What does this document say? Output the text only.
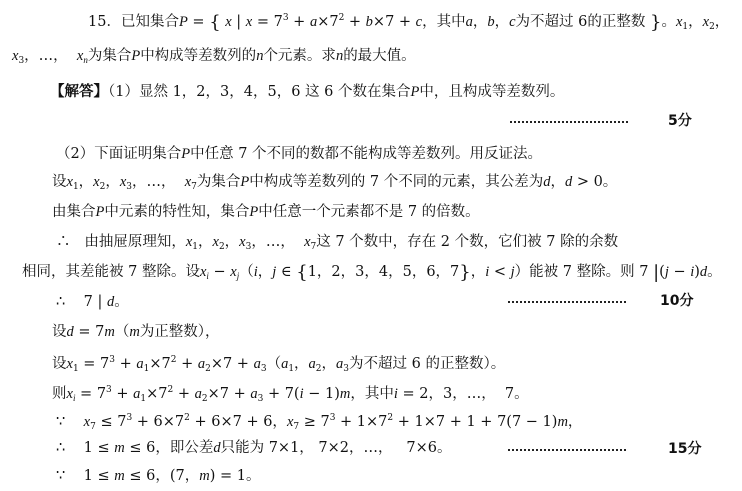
15．已知集合P = { x | $x = 7^3 + a\times 7^2 + b\times 7 + c$，其中a，b，c为不超过 6的正整数 }。$x_1$，$x_2$，
$x_3$，…，  $x_n$为集合P中构成等差数列的n个元素。求n的最大值。
【解答】（1）显然 1，2，3，4，5，6 这 6 个数在集合P中，且构成等差数列。
5分
（2）下面证明集合P中任意 7 个不同的数都不能构成等差数列。用反证法。
设$x_1$，$x_2$，$x_3$，…，  $x_7$为集合P中构成等差数列的 7 个不同的元素，其公差为d，d > 0。
由集合P中元素的特性知，集合P中任意一个元素都不是 7 的倍数。
∴   由抽屉原理知，$x_1$，$x_2$，$x_3$，…，  $x_7$这 7 个数中，存在 2 个数，它们被 7 除的余数
相同，其差能被 7 整除。设$x_i - x_j(i$，j ∈ {1，2，3，4，5，6，7}，i < j）能被 7 整除。则 7 |(j − i)d。
∴    7 | d。	10分
设d = 7m（m为正整数），
设$x_1 = 7^3 + a_1\times 7^2 + a_2\times 7 + a_3(a_1$，$a_2$，$a_3$为不超过 6 的正整数）。
则$x_i = 7^3 + a_1\times 7^2 + a_2\times 7 + a_3 + 7(i - 1)m$，其中i = 2，3，…，  7。
∵    $x_7 \le 7^3 + 6\times 7^2 + 6\times 7 + 6$，$x_7 \ge 7^3 + 1\times 7^2 + 1\times 7 + 1 + 7(7 - 1)m$，
∴    1 ≤ m ≤ 6，即公差d只能为 7×1， 7×2，…，   7×6。	15分
∵    1 ≤ m ≤ 6，(7，m) = 1。
